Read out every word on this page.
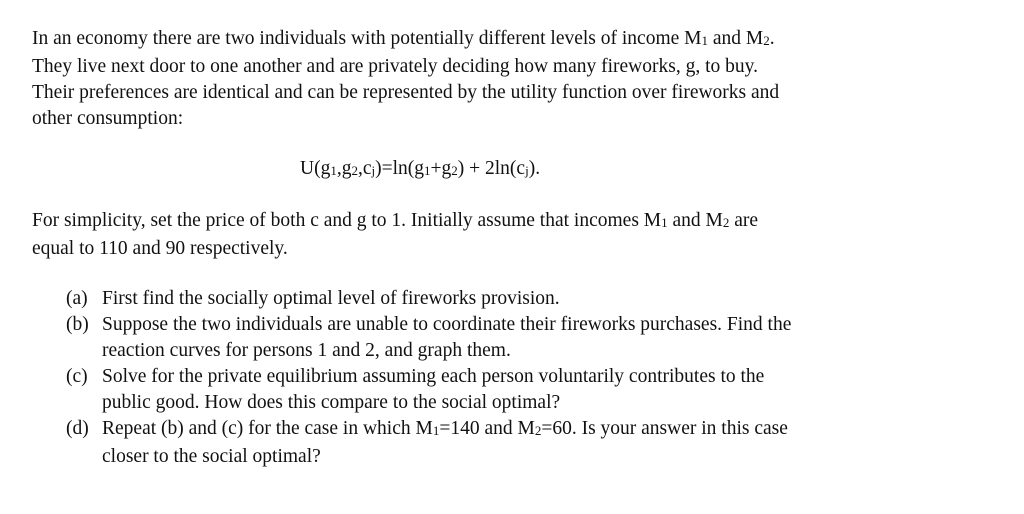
In an economy there are two individuals with potentially different levels of income M1 and M2.
They live next door to one another and are privately deciding how many fireworks, g, to buy.
Their preferences are identical and can be represented by the utility function over fireworks and
other consumption:

U(g1,g2,cj)=ln(g1+g2) + 2ln(cj).

For simplicity, set the price of both c and g to 1. Initially assume that incomes M1 and M2 are
equal to 110 and 90 respectively.

(a) First find the socially optimal level of fireworks provision.
(b) Suppose the two individuals are unable to coordinate their fireworks purchases. Find the
reaction curves for persons 1 and 2, and graph them.
(c) Solve for the private equilibrium assuming each person voluntarily contributes to the
public good. How does this compare to the social optimal?
(d) Repeat (b) and (c) for the case in which M1=140 and M2=60. Is your answer in this case
closer to the social optimal?
